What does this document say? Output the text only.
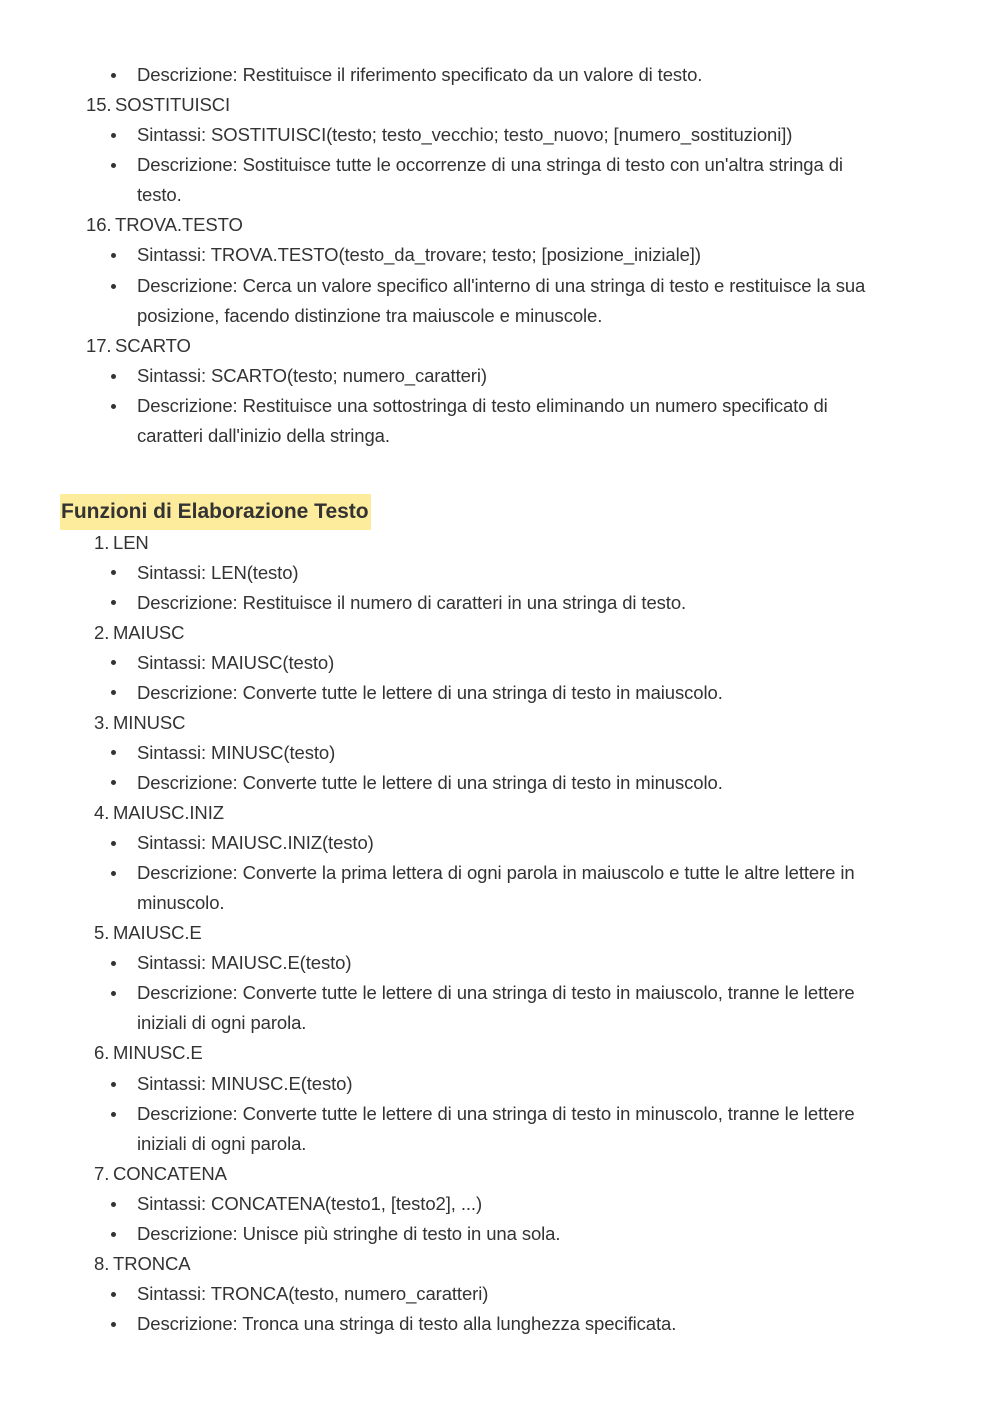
Descrizione: Restituisce il riferimento specificato da un valore di testo.
15. SOSTITUISCI
Sintassi: SOSTITUISCI(testo; testo_vecchio; testo_nuovo; [numero_sostituzioni])
Descrizione: Sostituisce tutte le occorrenze di una stringa di testo con un'altra stringa di
testo.
16. TROVA.TESTO
Sintassi: TROVA.TESTO(testo_da_trovare; testo; [posizione_iniziale])
Descrizione: Cerca un valore specifico all'interno di una stringa di testo e restituisce la sua
posizione, facendo distinzione tra maiuscole e minuscole.
17. SCARTO
Sintassi: SCARTO(testo; numero_caratteri)
Descrizione: Restituisce una sottostringa di testo eliminando un numero specificato di
caratteri dall'inizio della stringa.
Funzioni di Elaborazione Testo
1. LEN
Sintassi: LEN(testo)
Descrizione: Restituisce il numero di caratteri in una stringa di testo.
2. MAIUSC
Sintassi: MAIUSC(testo)
Descrizione: Converte tutte le lettere di una stringa di testo in maiuscolo.
3. MINUSC
Sintassi: MINUSC(testo)
Descrizione: Converte tutte le lettere di una stringa di testo in minuscolo.
4. MAIUSC.INIZ
Sintassi: MAIUSC.INIZ(testo)
Descrizione: Converte la prima lettera di ogni parola in maiuscolo e tutte le altre lettere in
minuscolo.
5. MAIUSC.E
Sintassi: MAIUSC.E(testo)
Descrizione: Converte tutte le lettere di una stringa di testo in maiuscolo, tranne le lettere
iniziali di ogni parola.
6. MINUSC.E
Sintassi: MINUSC.E(testo)
Descrizione: Converte tutte le lettere di una stringa di testo in minuscolo, tranne le lettere
iniziali di ogni parola.
7. CONCATENA
Sintassi: CONCATENA(testo1, [testo2], ...)
Descrizione: Unisce più stringhe di testo in una sola.
8. TRONCA
Sintassi: TRONCA(testo, numero_caratteri)
Descrizione: Tronca una stringa di testo alla lunghezza specificata.
